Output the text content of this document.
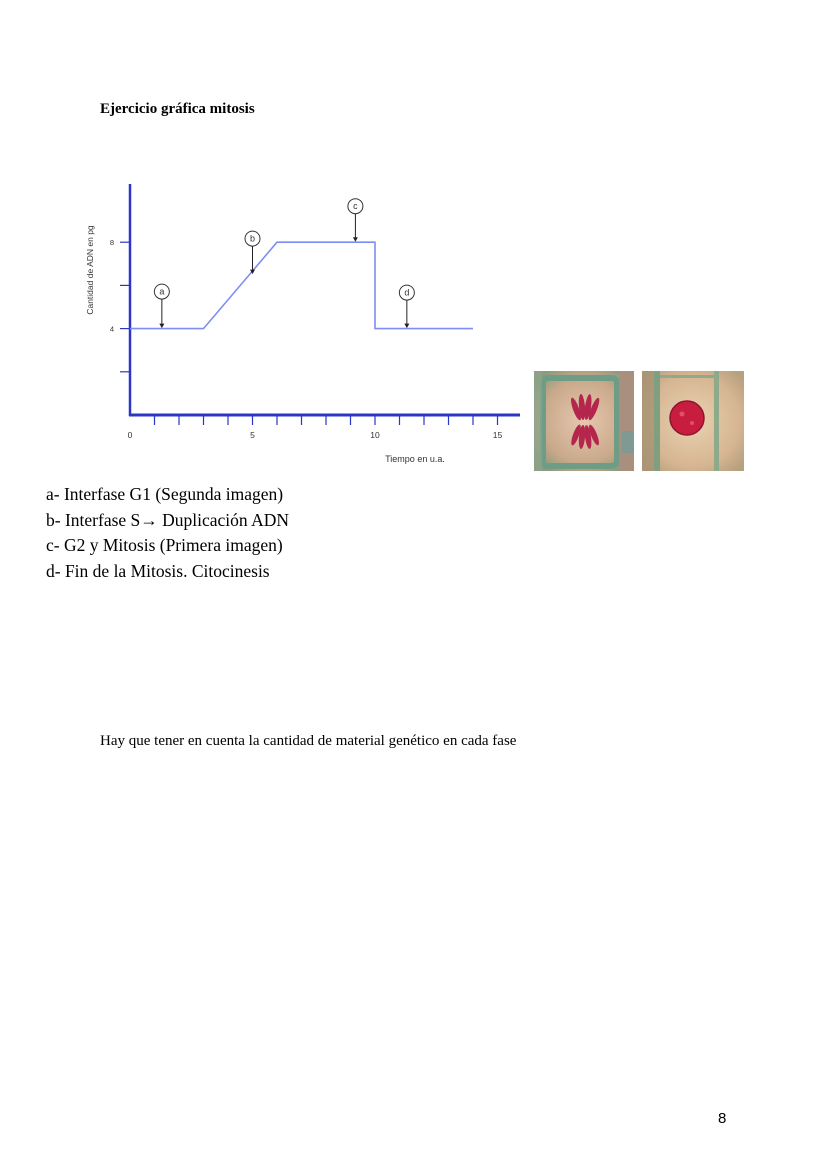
Ejercicio gráfica mitosis
0	5	10	15
4
8
a
b
c
d
Tiempo en u.a.
Cantidad de ADN en pg
a- Interfase G1 (Segunda imagen)
b- Interfase S→ Duplicación ADN
c- G2 y Mitosis (Primera imagen)
d- Fin de la Mitosis. Citocinesis

Hay que tener en cuenta la cantidad de material genético en cada fase

8
